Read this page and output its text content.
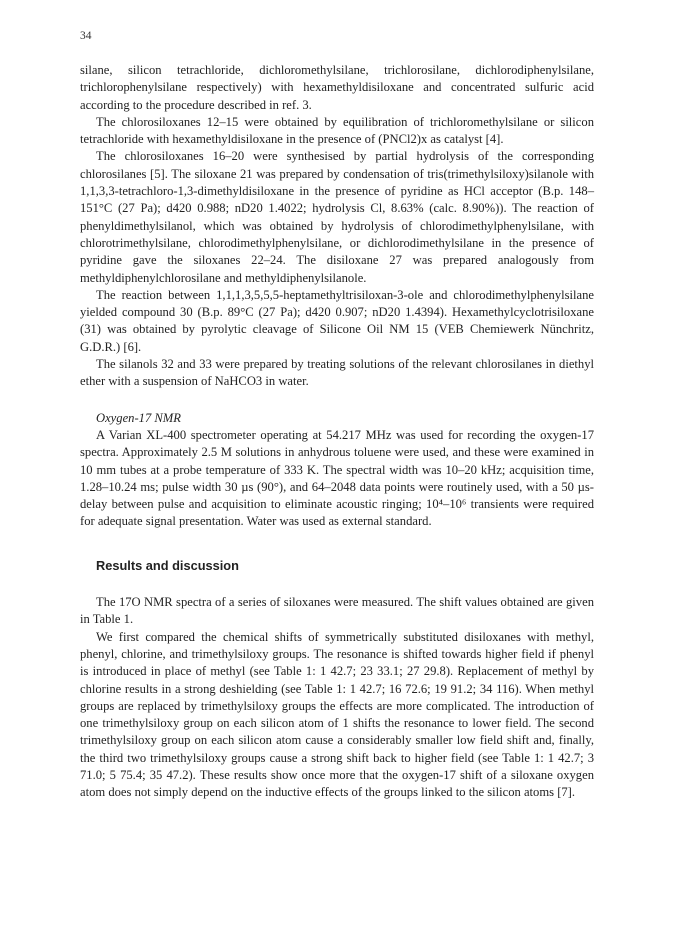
34

silane, silicon tetrachloride, dichloromethylsilane, trichlorosilane, dichlorodiphenylsilane, trichlorophenylsilane respectively) with hexamethyldisiloxane and concentrated sulfuric acid according to the procedure described in ref. 3.

The chlorosiloxanes 12–15 were obtained by equilibration of trichloromethylsilane or silicon tetrachloride with hexamethyldisiloxane in the presence of (PNCl2)x as catalyst [4].

The chlorosiloxanes 16–20 were synthesised by partial hydrolysis of the corresponding chlorosilanes [5]. The siloxane 21 was prepared by condensation of tris(trimethylsiloxy)silanole with 1,1,3,3-tetrachloro-1,3-dimethyldisiloxane in the presence of pyridine as HCl acceptor (B.p. 148–151°C (27 Pa); d420 0.988; nD20 1.4022; hydrolysis Cl, 8.63% (calc. 8.90%)). The reaction of phenyldimethylsilanol, which was obtained by hydrolysis of chlorodimethylphenylsilane, with chlorotrimethylsilane, chlorodimethylphenylsilane, or dichlorodimethylsilane in the presence of pyridine gave the siloxanes 22–24. The disiloxane 27 was prepared analogously from methyldiphenylchlorosilane and methyldiphenylsilanole.

The reaction between 1,1,1,3,5,5,5-heptamethyltrisiloxan-3-ole and chlorodimethylphenylsilane yielded compound 30 (B.p. 89°C (27 Pa); d420 0.907; nD20 1.4394). Hexamethylcyclotrisiloxane (31) was obtained by pyrolytic cleavage of Silicone Oil NM 15 (VEB Chemiewerk Nünchritz, G.D.R.) [6].

The silanols 32 and 33 were prepared by treating solutions of the relevant chlorosilanes in diethyl ether with a suspension of NaHCO3 in water.

Oxygen-17 NMR

A Varian XL-400 spectrometer operating at 54.217 MHz was used for recording the oxygen-17 spectra. Approximately 2.5 M solutions in anhydrous toluene were used, and these were examined in 10 mm tubes at a probe temperature of 333 K. The spectral width was 10–20 kHz; acquisition time, 1.28–10.24 ms; pulse width 30 µs (90°), and 64–2048 data points were routinely used, with a 50 µs-delay between pulse and acquisition to eliminate acoustic ringing; 10⁴–10⁶ transients were required for adequate signal presentation. Water was used as external standard.

Results and discussion

The 17O NMR spectra of a series of siloxanes were measured. The shift values obtained are given in Table 1.

We first compared the chemical shifts of symmetrically substituted disiloxanes with methyl, phenyl, chlorine, and trimethylsiloxy groups. The resonance is shifted towards higher field if phenyl is introduced in place of methyl (see Table 1: 1 42.7; 23 33.1; 27 29.8). Replacement of methyl by chlorine results in a strong deshielding (see Table 1: 1 42.7; 16 72.6; 19 91.2; 34 116). When methyl groups are replaced by trimethylsiloxy groups the effects are more complicated. The introduction of one trimethylsiloxy group on each silicon atom of 1 shifts the resonance to lower field. The second trimethylsiloxy group on each silicon atom cause a considerably smaller low field shift and, finally, the third two trimethylsiloxy groups cause a strong shift back to higher field (see Table 1: 1 42.7; 3 71.0; 5 75.4; 35 47.2). These results show once more that the oxygen-17 shift of a siloxane oxygen atom does not simply depend on the inductive effects of the groups linked to the silicon atoms [7].
